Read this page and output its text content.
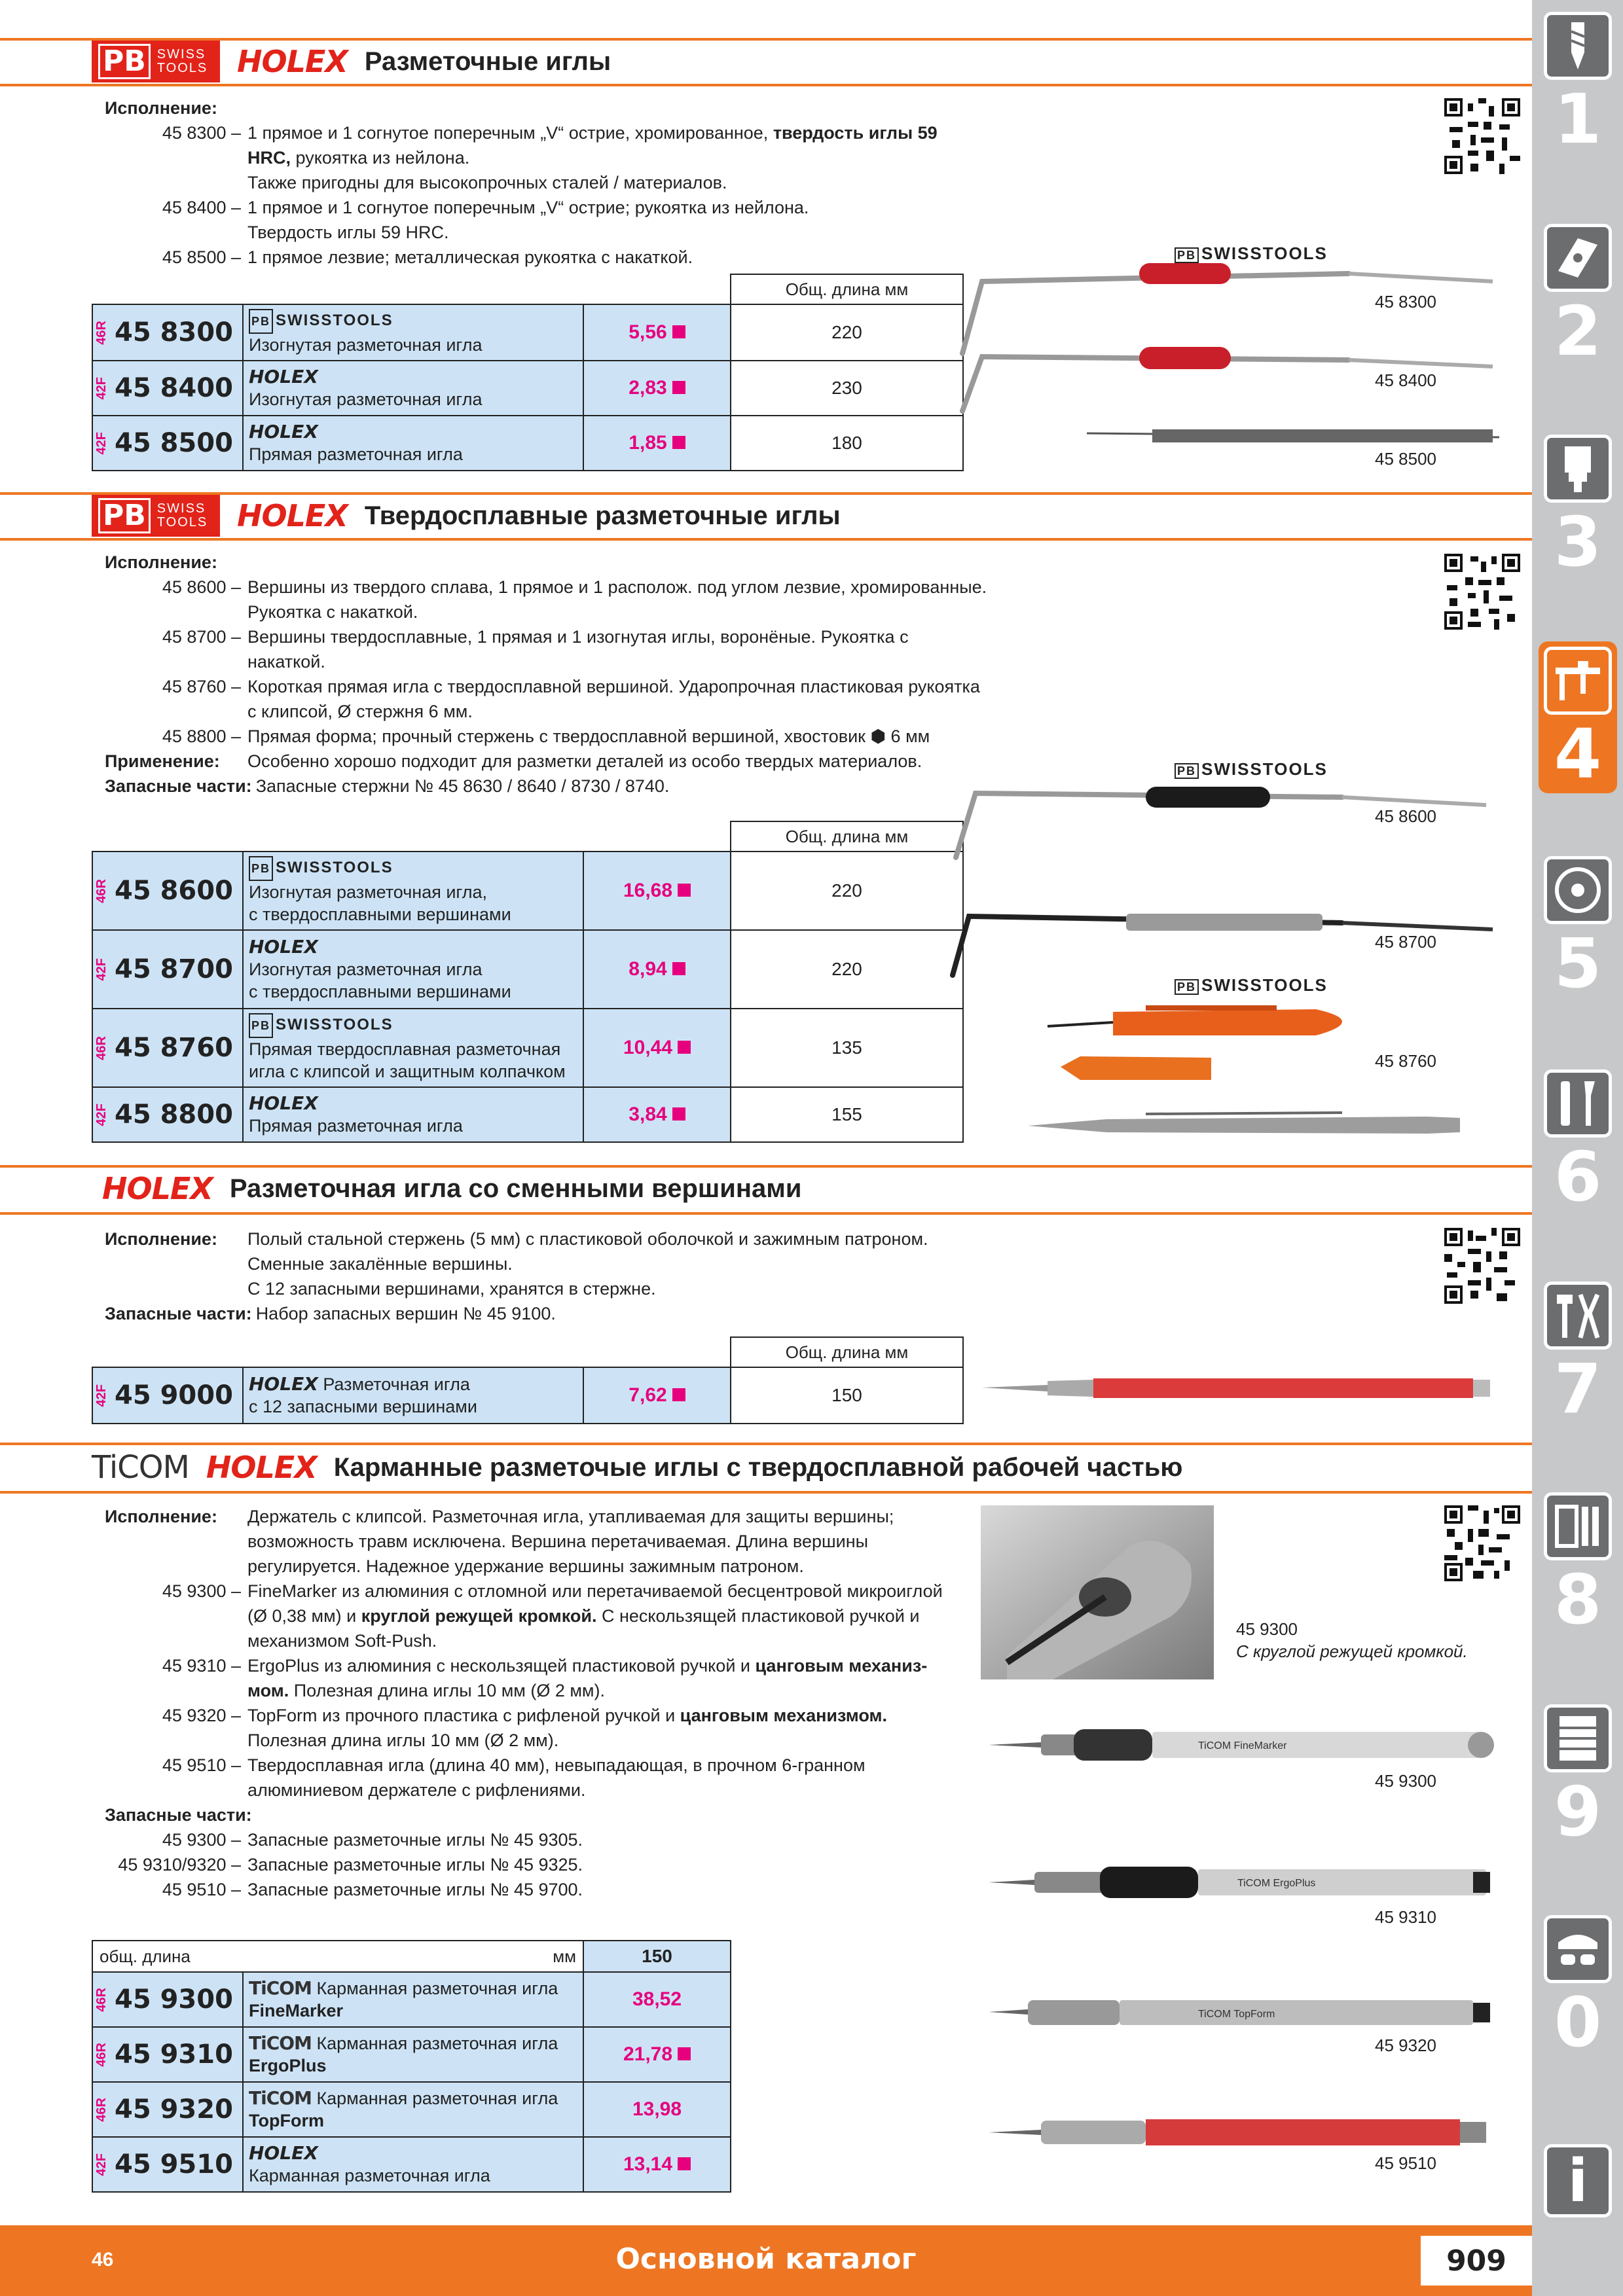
PB SWISS
TOOLS HOLEX Разметочные иглы
Исполнение:
45 8300 – 1 прямое и 1 согнутое поперечным „V“ острие, хромированное, твердость иглы 59 HRC, рукоятка из нейлона.
Также пригодны для высокопрочных сталей / материалов.
45 8400 – 1 прямое и 1 согнутое поперечным „V“ острие; рукоятка из нейлона.
Твердость иглы 59 HRC.
45 8500 – 1 прямое лезвие; металлическая рукоятка с накаткой.
			Общ. длина мм
46R 45 8300	PB SWISSTOOLS
Изогнутая разметочная игла	5,56	220
42F 45 8400	HOLEX
Изогнутая разметочная игла	2,83	230
42F 45 8500	HOLEX
Прямая разметочная игла	1,85	180
PB SWISSTOOLS
45 8300
45 8400
45 8500
PB SWISS
TOOLS HOLEX Твердосплавные разметочные иглы
Исполнение:
45 8600 – Вершины из твердого сплава, 1 прямое и 1 располож. под углом лезвие, хромированные.
Рукоятка с накаткой.
45 8700 – Вершины твердосплавные, 1 прямая и 1 изогнутая иглы, воронёные. Рукоятка с накаткой.
45 8760 – Короткая прямая игла с твердосплавной вершиной. Ударопрочная пластиковая рукоятка
с клипсой, Ø стержня 6 мм.
45 8800 – Прямая форма; прочный стержень с твердосплавной вершиной, хвостовик ⬢ 6 мм
Применение:	Особенно хорошо подходит для разметки деталей из особо твердых материалов.
Запасные части: Запасные стержни № 45 8630 / 8640 / 8730 / 8740.
			Общ. длина мм
46R 45 8600	PB SWISSTOOLS
Изогнутая разметочная игла,
с твердосплавными вершинами	16,68	220
42F 45 8700	HOLEX
Изогнутая разметочная игла
с твердосплавными вершинами	8,94	220
46R 45 8760	PB SWISSTOOLS
Прямая твердосплавная разметочная
игла с клипсой и защитным колпачком	10,44	135
42F 45 8800	HOLEX
Прямая разметочная игла	3,84	155
PB SWISSTOOLS
PB SWISSTOOLS
45 8600
45 8700
45 8760
HOLEX Разметочная игла со сменными вершинами
Исполнение:	Полый стальной стержень (5 мм) с пластиковой оболочкой и зажимным патроном.
Сменные закалённые вершины.
С 12 запасными вершинами, хранятся в стержне.
Запасные части: Набор запасных вершин № 45 9100.
			Общ. длина мм
42F 45 9000	HOLEX Разметочная игла
с 12 запасными вершинами	7,62	150
TiCOM HOLEX Карманные разметочые иглы с твердосплавной рабочей частью
Исполнение:	Держатель с клипсой. Разметочная игла, утапливаемая для защиты вершины;
возможность травм исключена. Вершина перетачиваемая. Длина вершины
регулируется. Надежное удержание вершины зажимным патроном.
45 9300 – FineMarker из алюминия с отломной или перетачиваемой бесцентровой микроиглой
(Ø 0,38 мм) и круглой режущей кромкой. С нескользящей пластиковой ручкой и
механизмом Soft-Push.
45 9310 – ErgoPlus из алюминия с нескользящей пластиковой ручкой и цанговым механиз-
мом. Полезная длина иглы 10 мм (Ø 2 мм).
45 9320 – TopForm из прочного пластика с рифленой ручкой и цанговым механизмом.
Полезная длина иглы 10 мм (Ø 2 мм).
45 9510 – Твердосплавная игла (длина 40 мм), невыпадающая, в прочном 6-гранном
алюминиевом держателе с рифлениями.
Запасные части:
45 9300 – Запасные разметочные иглы № 45 9305.
45 9310/9320 – Запасные разметочные иглы № 45 9325.
45 9510 – Запасные разметочные иглы № 45 9700.
45 9300
С круглой режущей кромкой.
TiCOM FineMarker
TiCOM ErgoPlus
TiCOM TopForm
45 9300
45 9310
45 9320
45 9510
общ. длина мм		150
46R 45 9300	TiCOM Карманная разметочная игла
FineMarker	38,52
46R 45 9310	TiCOM Карманная разметочная игла
ErgoPlus	21,78
46R 45 9320	TiCOM Карманная разметочная игла
TopForm	13,98
42F 45 9510	HOLEX
Карманная разметочная игла	13,14
46	Основной каталог	909
1
2
3
4
5
6
7
8
9
0
i
